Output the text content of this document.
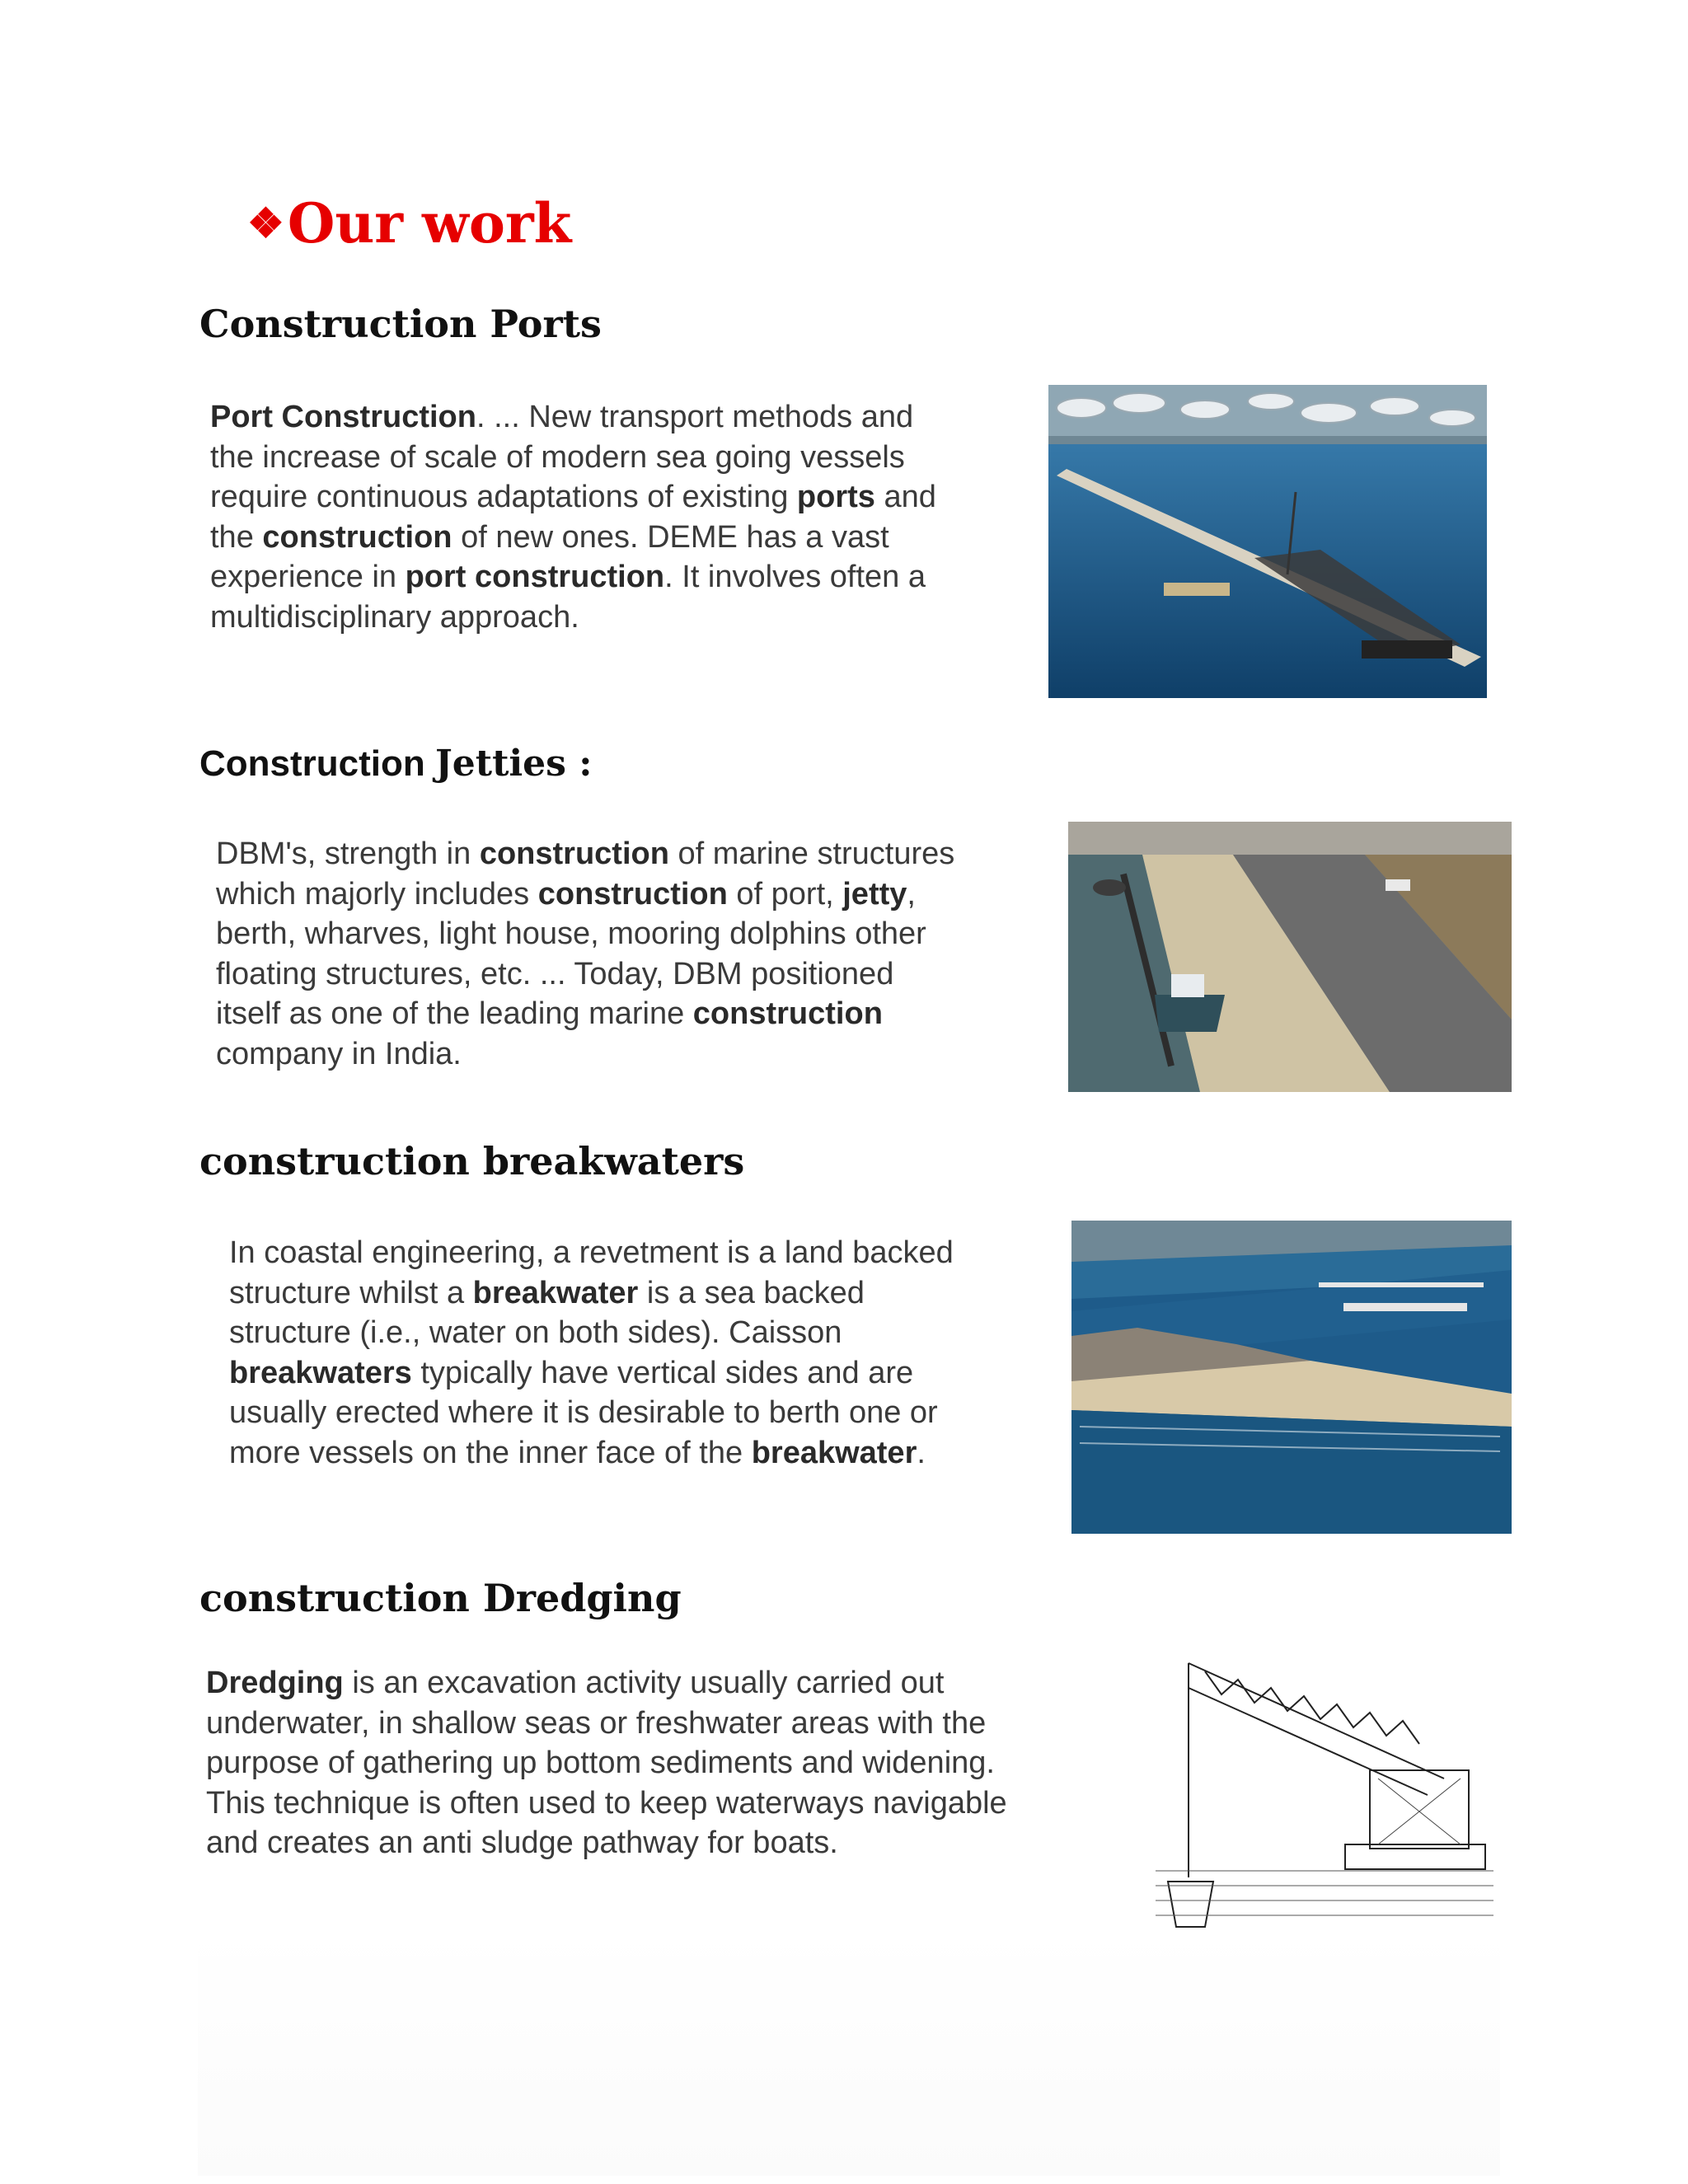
❖Our work
Construction Ports
Port Construction. ... New transport methods and
the increase of scale of modern sea going vessels
require continuous adaptations of existing ports and
the construction of new ones. DEME has a vast
experience in port construction. It involves often a
multidisciplinary approach.
Construction Jetties :
DBM's, strength in construction of marine structures
which majorly includes construction of port, jetty,
berth, wharves, light house, mooring dolphins other
floating structures, etc. ... Today, DBM positioned
itself as one of the leading marine construction
company in India.
construction breakwaters
In coastal engineering, a revetment is a land backed
structure whilst a breakwater is a sea backed
structure (i.e., water on both sides). Caisson
breakwaters typically have vertical sides and are
usually erected where it is desirable to berth one or
more vessels on the inner face of the breakwater.
construction Dredging
Dredging is an excavation activity usually carried out
underwater, in shallow seas or freshwater areas with the
purpose of gathering up bottom sediments and widening.
This technique is often used to keep waterways navigable
and creates an anti sludge pathway for boats.
